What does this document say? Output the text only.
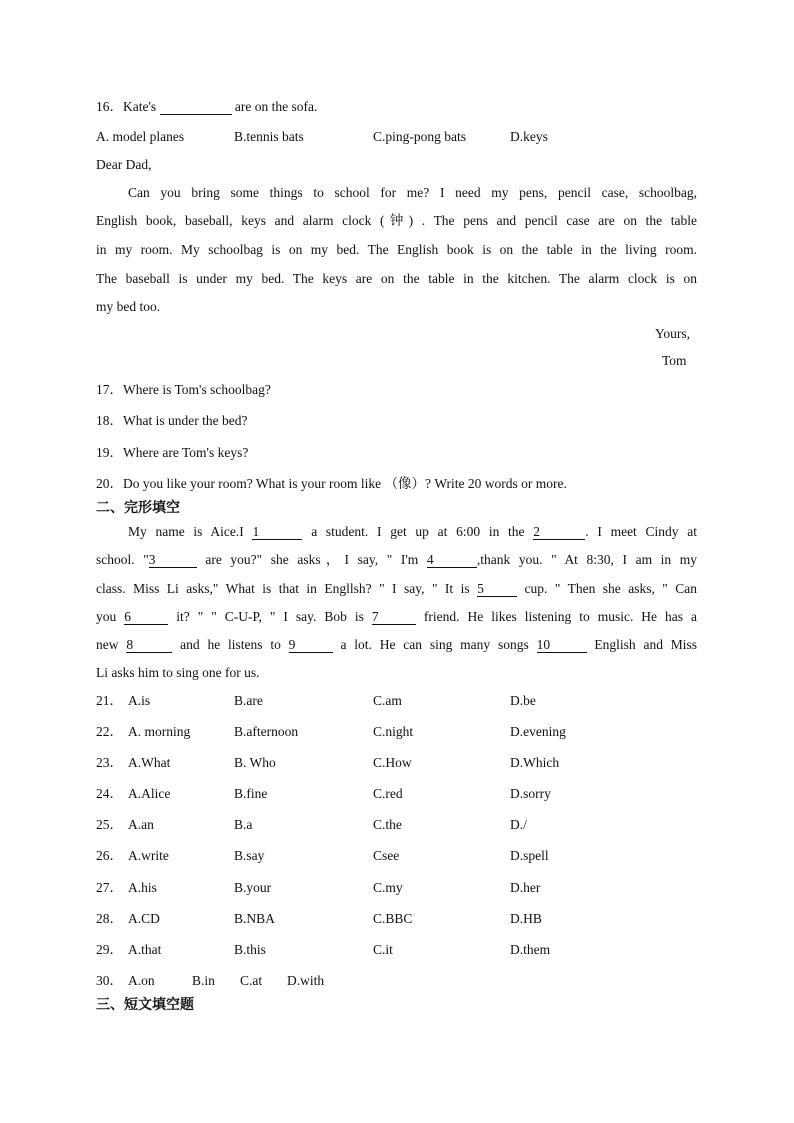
16．Kate's	are on the sofa.
A. model planes	B.tennis bats	C.ping-pong bats	D.keys
Dear Dad,
Can you bring some things to school for me? I need my pens, pencil case, schoolbag,
English book, baseball, keys and alarm clock (钟) . The pens and pencil case are on the table
in my room. My schoolbag is on my bed. The English book is on the table in the living room.
The baseball is under my bed. The keys are on the table in the kitchen. The alarm clock is on
my bed too.
Yours,
Tom
17．Where is Tom's schoolbag?
18．What is under the bed?
19．Where are Tom's keys?
20．Do you like your room? What is your room like （像）? Write 20 words or more.
二、完形填空
My name is Aice.I 1	a student. I get up at 6:00 in the 2	. I meet Cindy at
school. "3	are you?" she asks，I say, " I'm 4	,thank you. " At 8:30, I am in my
class. Miss Li asks," What is that in Engllsh? " I say, " It is 5	cup. " Then she asks, " Can
you 6	it? " " C-U-P, " I say. Bob is 7	friend. He likes listening to music. He has a
new 8	and he listens to 9	a lot. He can sing many songs 10	English and Miss
Li asks him to sing one for us.
21． A.is	B.are	C.am	D.be
22． A. morning	B.afternoon	C.night	D.evening
23． A.What	B. Who	C.How	D.Which
24． A.Alice	B.fine	C.red	D.sorry
25． A.an	B.a	C.the	D./
26． A.write	B.say	Csee	D.spell
27． A.his	B.your	C.my	D.her
28． A.CD	B.NBA	C.BBC	D.HB
29． A.that	B.this	C.it	D.them
30． A.on	B.in C.at D.with
三、短文填空题
